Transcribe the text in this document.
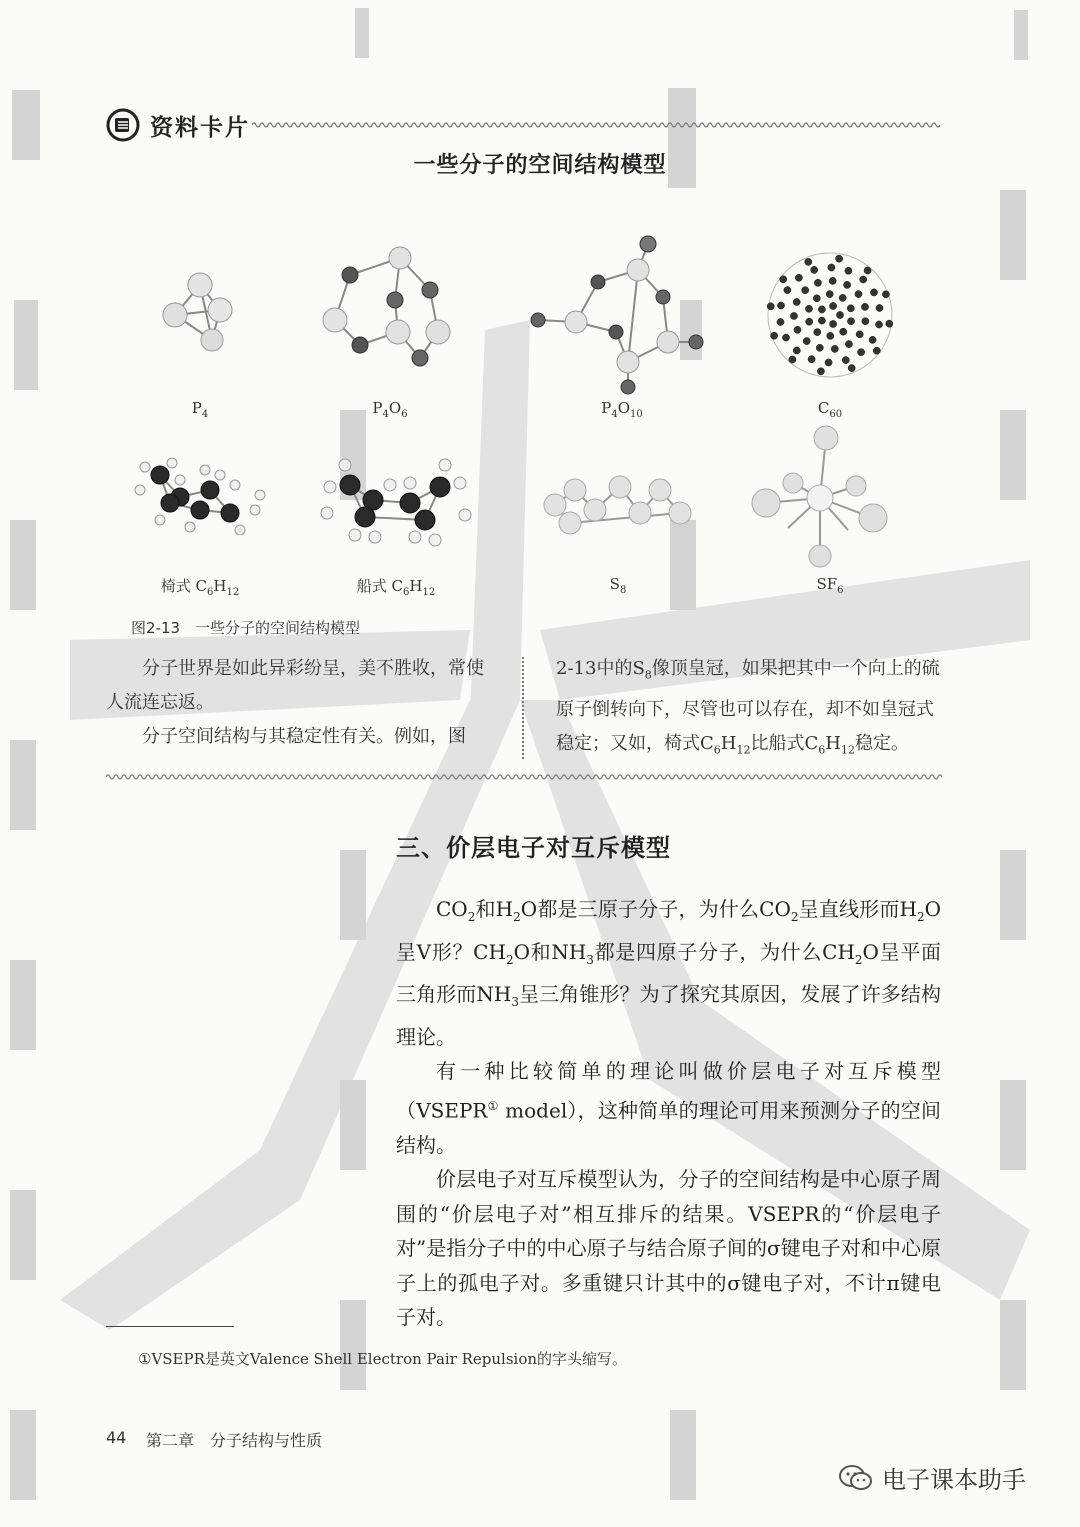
资料卡片
一些分子的空间结构模型
$P_4$	$P_4O_6$	$P_4O_{10}$	$C_{60}$
椅式 $C_6H_{12}$	船式 $C_6H_{12}$	$S_8$	$SF_6$
图2-13　一些分子的空间结构模型

分子世界是如此异彩纷呈，美不胜收，常使人流连忘返。

分子空间结构与其稳定性有关。例如，图

2-13中的$S_8$像顶皇冠，如果把其中一个向上的硫原子倒转向下，尽管也可以存在，却不如皇冠式稳定；又如，椅式$C_6H_{12}$比船式$C_6H_{12}$稳定。
三、价层电子对互斥模型

$CO_2$和$H_2O$都是三原子分子，为什么$CO_2$呈直线形而$H_2O$呈V形？$CH_2O$和$NH_3$都是四原子分子，为什么$CH_2O$呈平面三角形而$NH_3$呈三角锥形？为了探究其原因，发展了许多结构理论。

有一种比较简单的理论叫做价层电子对互斥模型（VSEPR① model），这种简单的理论可用来预测分子的空间结构。

价层电子对互斥模型认为，分子的空间结构是中心原子周围的“价层电子对”相互排斥的结果。VSEPR的“价层电子对”是指分子中的中心原子与结合原子间的σ键电子对和中心原子上的孤电子对。多重键只计其中的σ键电子对，不计π键电子对。

①VSEPR是英文Valence Shell Electron Pair Repulsion的字头缩写。
44 第二章　分子结构与性质
电子课本助手
